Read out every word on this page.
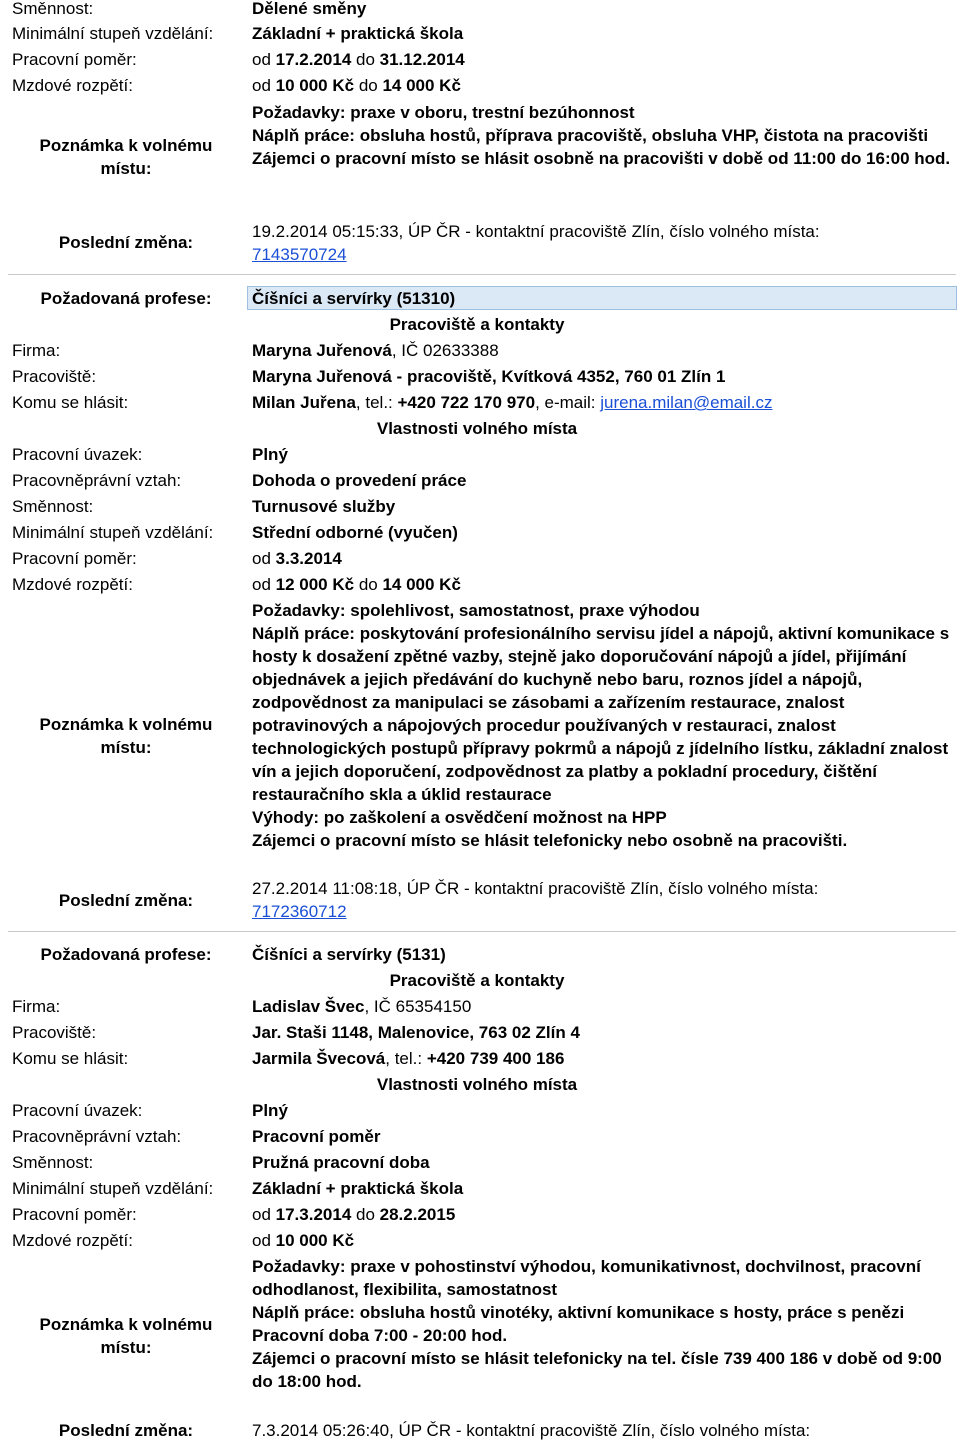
Směnnost:	Dělené směny
Minimální stupeň vzdělání: Základní + praktická škola
Pracovní poměr:	od 17.2.2014 do 31.12.2014
Mzdové rozpětí:	od 10 000 Kč do 14 000 Kč
Poznámka k volnému
místu:
Požadavky: praxe v oboru, trestní bezúhonnost
Náplň práce: obsluha hostů, příprava pracoviště, obsluha VHP, čistota na pracovišti
Zájemci o pracovní místo se hlásit osobně na pracovišti v době od 11:00 do 16:00 hod.
Poslední změna:
19.2.2014 05:15:33, ÚP ČR - kontaktní pracoviště Zlín, číslo volného místa:
7143570724
Požadovaná profese:	Číšníci a servírky (51310)
Pracoviště a kontakty
Firma:	Maryna Juřenová, IČ 02633388
Pracoviště:	Maryna Juřenová - pracoviště, Kvítková 4352, 760 01 Zlín 1
Komu se hlásit:	Milan Juřena, tel.: +420 722 170 970, e-mail: jurena.milan@email.cz
Vlastnosti volného místa
Pracovní úvazek:	Plný
Pracovněprávní vztah:	Dohoda o provedení práce
Směnnost:	Turnusové služby
Minimální stupeň vzdělání: Střední odborné (vyučen)
Pracovní poměr:	od 3.3.2014
Mzdové rozpětí:	od 12 000 Kč do 14 000 Kč
Poznámka k volnému
místu:
Požadavky: spolehlivost, samostatnost, praxe výhodou
Náplň práce: poskytování profesionálního servisu jídel a nápojů, aktivní komunikace s hosty k dosažení zpětné vazby, stejně jako doporučování nápojů a jídel, přijímání objednávek a jejich předávání do kuchyně nebo baru, roznos jídel a nápojů, zodpovědnost za manipulaci se zásobami a zařízením restaurace, znalost potravinových a nápojových procedur používaných v restauraci, znalost technologických postupů přípravy pokrmů a nápojů z jídelního lístku, základní znalost vín a jejich doporučení, zodpovědnost za platby a pokladní procedury, čištění restauračního skla a úklid restaurace
Výhody: po zaškolení a osvědčení možnost na HPP
Zájemci o pracovní místo se hlásit telefonicky nebo osobně na pracovišti.
Poslední změna:
27.2.2014 11:08:18, ÚP ČR - kontaktní pracoviště Zlín, číslo volného místa:
7172360712
Požadovaná profese:	Číšníci a servírky (5131)
Pracoviště a kontakty
Firma:	Ladislav Švec, IČ 65354150
Pracoviště:	Jar. Staši 1148, Malenovice, 763 02 Zlín 4
Komu se hlásit:	Jarmila Švecová, tel.: +420 739 400 186
Vlastnosti volného místa
Pracovní úvazek:	Plný
Pracovněprávní vztah:	Pracovní poměr
Směnnost:	Pružná pracovní doba
Minimální stupeň vzdělání: Základní + praktická škola
Pracovní poměr:	od 17.3.2014 do 28.2.2015
Mzdové rozpětí:	od 10 000 Kč
Poznámka k volnému
místu:
Požadavky: praxe v pohostinství výhodou, komunikativnost, dochvilnost, pracovní odhodlanost, flexibilita, samostatnost
Náplň práce: obsluha hostů vinotéky, aktivní komunikace s hosty, práce s penězi
Pracovní doba 7:00 - 20:00 hod.
Zájemci o pracovní místo se hlásit telefonicky na tel. čísle 739 400 186 v době od 9:00 do 18:00 hod.
Poslední změna:	7.3.2014 05:26:40, ÚP ČR - kontaktní pracoviště Zlín, číslo volného místa:
